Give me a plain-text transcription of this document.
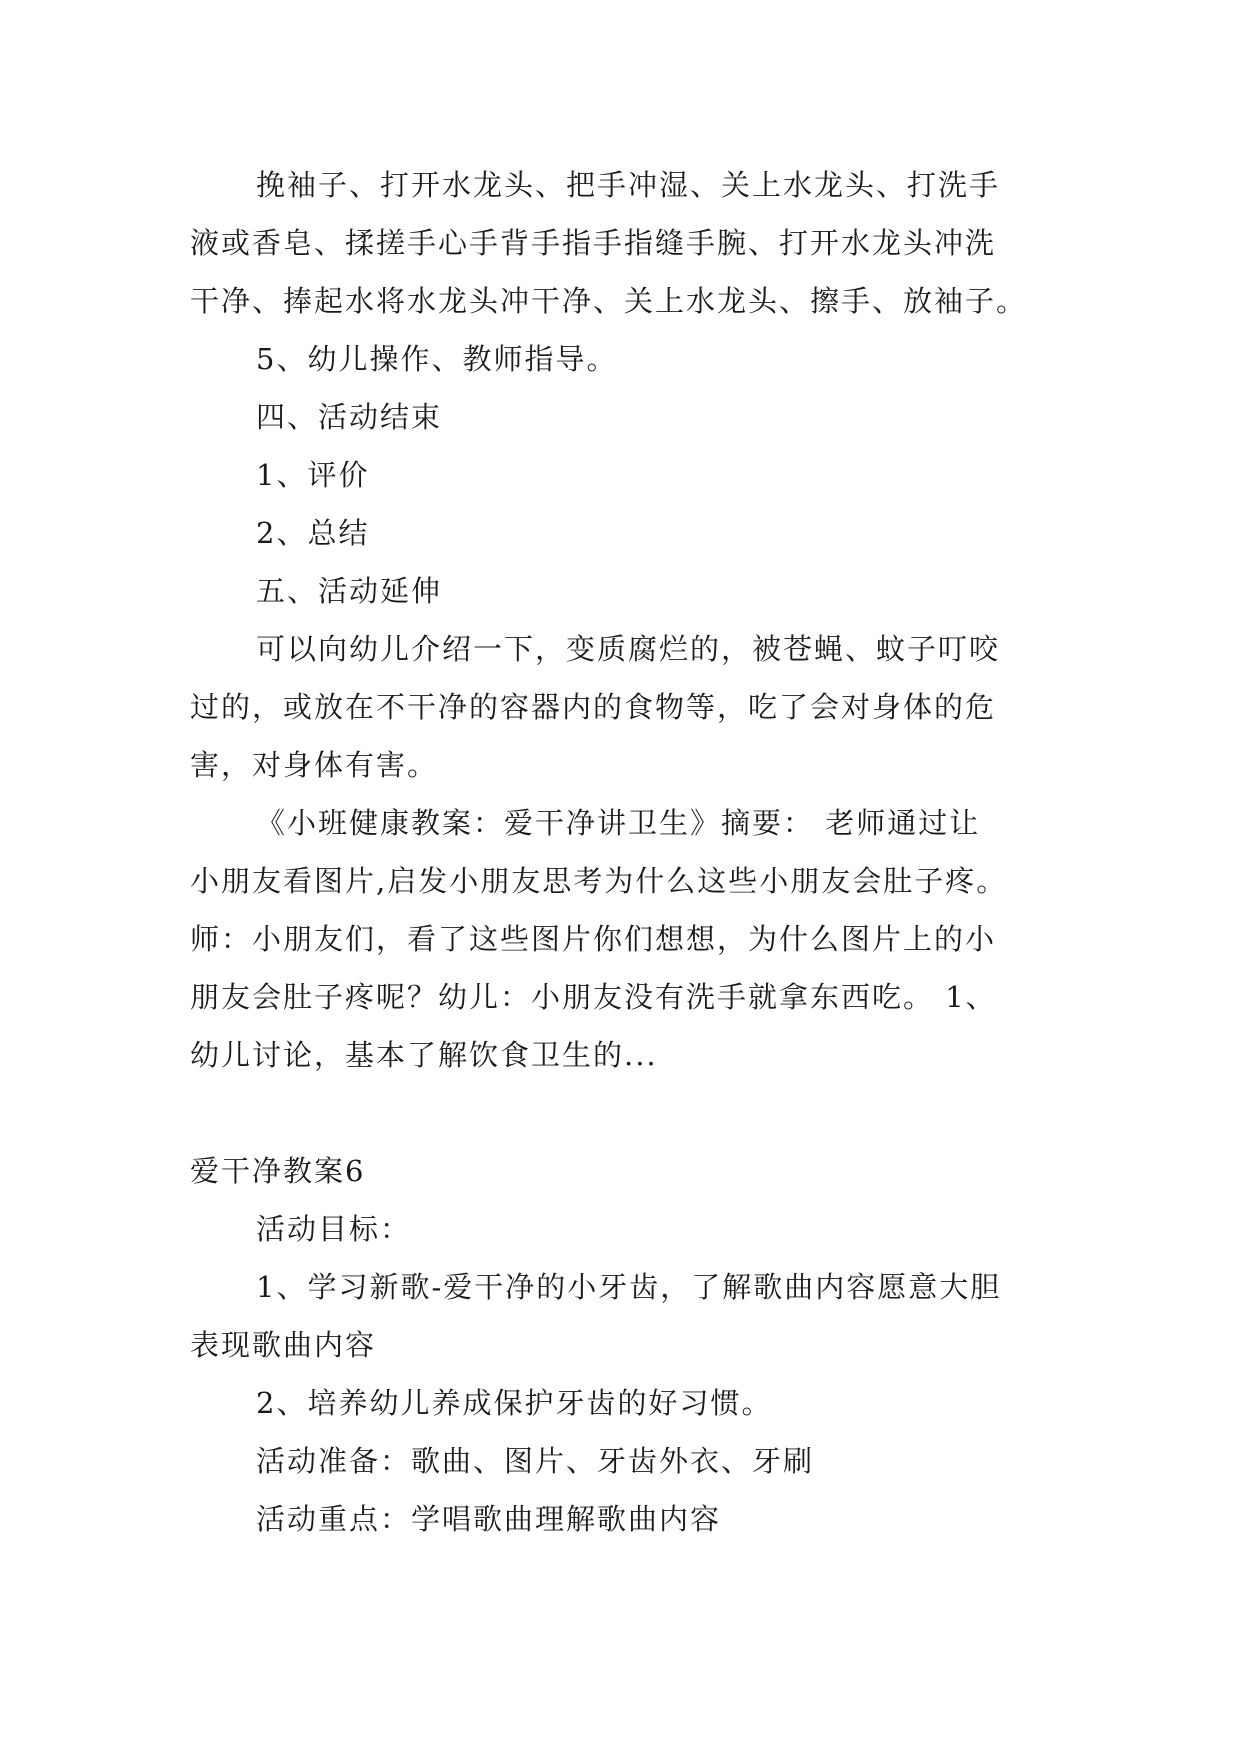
挽袖子、打开水龙头、把手冲湿、关上水龙头、打洗手
液或香皂、揉搓手心手背手指手指缝手腕、打开水龙头冲洗
干净、捧起水将水龙头冲干净、关上水龙头、擦手、放袖子。
5、幼儿操作、教师指导。
四、活动结束
1、评价
2、总结
五、活动延伸
可以向幼儿介绍一下，变质腐烂的，被苍蝇、蚊子叮咬
过的，或放在不干净的容器内的食物等，吃了会对身体的危
害，对身体有害。
《小班健康教案：爱干净讲卫生》摘要： 老师通过让
小朋友看图片,启发小朋友思考为什么这些小朋友会肚子疼。
师：小朋友们，看了这些图片你们想想，为什么图片上的小
朋友会肚子疼呢？幼儿：小朋友没有洗手就拿东西吃。 1、
幼儿讨论，基本了解饮食卫生的...
爱干净教案6
活动目标：
1、学习新歌-爱干净的小牙齿，了解歌曲内容愿意大胆
表现歌曲内容
2、培养幼儿养成保护牙齿的好习惯。
活动准备：歌曲、图片、牙齿外衣、牙刷
活动重点：学唱歌曲理解歌曲内容
